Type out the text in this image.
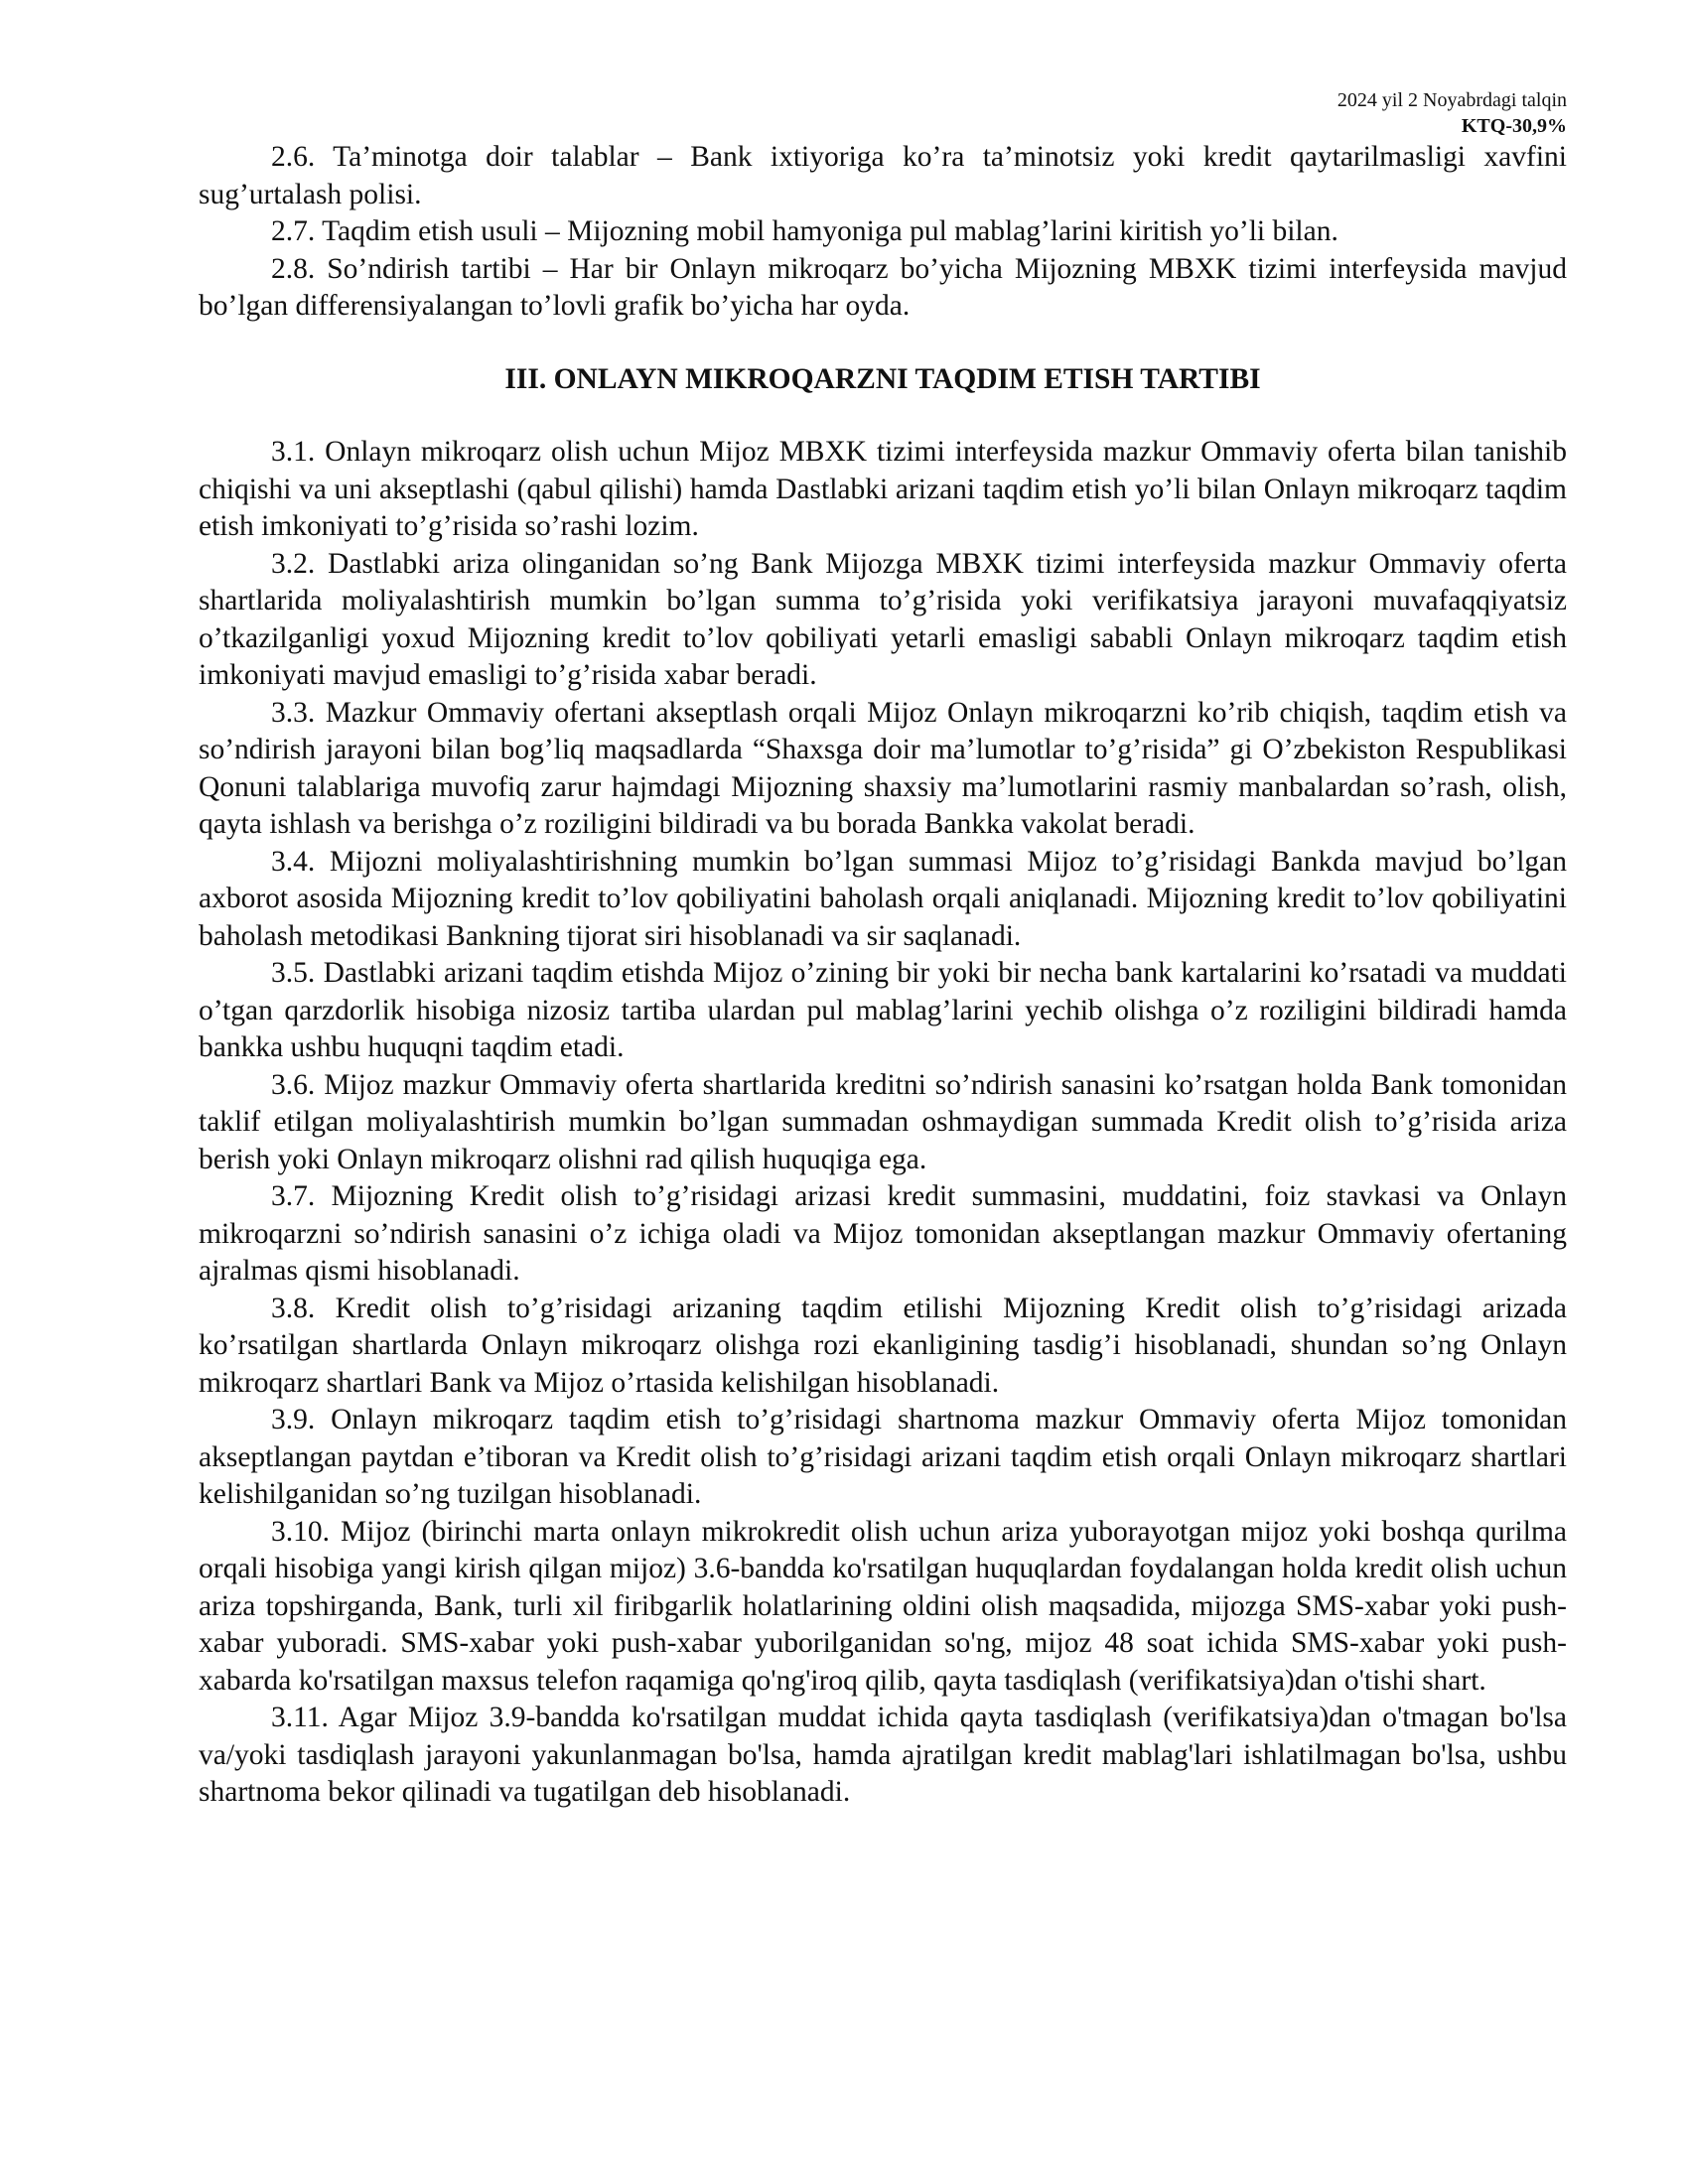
2024 yil 2 Noyabrdagi talqin
KTQ-30,9%

2.6. Ta’minotga doir talablar – Bank ixtiyoriga ko’ra ta’minotsiz yoki kredit qaytarilmasligi xavfini sug’urtalash polisi.

2.7. Taqdim etish usuli – Mijozning mobil hamyoniga pul mablag’larini kiritish yo’li bilan.

2.8. So’ndirish tartibi – Har bir Onlayn mikroqarz bo’yicha Mijozning MBXK tizimi interfeysida mavjud bo’lgan differensiyalangan to’lovli grafik bo’yicha har oyda.

III. ONLAYN MIKROQARZNI TAQDIM ETISH TARTIBI

3.1. Onlayn mikroqarz olish uchun Mijoz MBXK tizimi interfeysida mazkur Ommaviy oferta bilan tanishib chiqishi va uni akseptlashi (qabul qilishi) hamda Dastlabki arizani taqdim etish yo’li bilan Onlayn mikroqarz taqdim etish imkoniyati to’g’risida so’rashi lozim.

3.2. Dastlabki ariza olinganidan so’ng Bank Mijozga MBXK tizimi interfeysida mazkur Ommaviy oferta shartlarida moliyalashtirish mumkin bo’lgan summa to’g’risida yoki verifikatsiya jarayoni muvafaqqiyatsiz o’tkazilganligi yoxud Mijozning kredit to’lov qobiliyati yetarli emasligi sababli Onlayn mikroqarz taqdim etish imkoniyati mavjud emasligi to’g’risida xabar beradi.

3.3. Mazkur Ommaviy ofertani akseptlash orqali Mijoz Onlayn mikroqarzni ko’rib chiqish, taqdim etish va so’ndirish jarayoni bilan bog’liq maqsadlarda “Shaxsga doir ma’lumotlar to’g’risida” gi O’zbekiston Respublikasi Qonuni talablariga muvofiq zarur hajmdagi Mijozning shaxsiy ma’lumotlarini rasmiy manbalardan so’rash, olish, qayta ishlash va berishga o’z roziligini bildiradi va bu borada Bankka vakolat beradi.

3.4. Mijozni moliyalashtirishning mumkin bo’lgan summasi Mijoz to’g’risidagi Bankda mavjud bo’lgan axborot asosida Mijozning kredit to’lov qobiliyatini baholash orqali aniqlanadi. Mijozning kredit to’lov qobiliyatini baholash metodikasi Bankning tijorat siri hisoblanadi va sir saqlanadi.

3.5. Dastlabki arizani taqdim etishda Mijoz o’zining bir yoki bir necha bank kartalarini ko’rsatadi va muddati o’tgan qarzdorlik hisobiga nizosiz tartiba ulardan pul mablag’larini yechib olishga o’z roziligini bildiradi hamda bankka ushbu huquqni taqdim etadi.

3.6. Mijoz mazkur Ommaviy oferta shartlarida kreditni so’ndirish sanasini ko’rsatgan holda Bank tomonidan taklif etilgan moliyalashtirish mumkin bo’lgan summadan oshmaydigan summada Kredit olish to’g’risida ariza berish yoki Onlayn mikroqarz olishni rad qilish huquqiga ega.

3.7. Mijozning Kredit olish to’g’risidagi arizasi kredit summasini, muddatini, foiz stavkasi va Onlayn mikroqarzni so’ndirish sanasini o’z ichiga oladi va Mijoz tomonidan akseptlangan mazkur Ommaviy ofertaning ajralmas qismi hisoblanadi.

3.8. Kredit olish to’g’risidagi arizaning taqdim etilishi Mijozning Kredit olish to’g’risidagi arizada ko’rsatilgan shartlarda Onlayn mikroqarz olishga rozi ekanligining tasdig’i hisoblanadi, shundan so’ng Onlayn mikroqarz shartlari Bank va Mijoz o’rtasida kelishilgan hisoblanadi.

3.9. Onlayn mikroqarz taqdim etish to’g’risidagi shartnoma mazkur Ommaviy oferta Mijoz tomonidan akseptlangan paytdan e’tiboran va Kredit olish to’g’risidagi arizani taqdim etish orqali Onlayn mikroqarz shartlari kelishilganidan so’ng tuzilgan hisoblanadi.

3.10. Mijoz (birinchi marta onlayn mikrokredit olish uchun ariza yuborayotgan mijoz yoki boshqa qurilma orqali hisobiga yangi kirish qilgan mijoz) 3.6-bandda ko'rsatilgan huquqlardan foydalangan holda kredit olish uchun ariza topshirganda, Bank, turli xil firibgarlik holatlarining oldini olish maqsadida, mijozga SMS-xabar yoki push-xabar yuboradi. SMS-xabar yoki push-xabar yuborilganidan so'ng, mijoz 48 soat ichida SMS-xabar yoki push-xabarda ko'rsatilgan maxsus telefon raqamiga qo'ng'iroq qilib, qayta tasdiqlash (verifikatsiya)dan o'tishi shart.

3.11. Agar Mijoz 3.9-bandda ko'rsatilgan muddat ichida qayta tasdiqlash (verifikatsiya)dan o'tmagan bo'lsa va/yoki tasdiqlash jarayoni yakunlanmagan bo'lsa, hamda ajratilgan kredit mablag'lari ishlatilmagan bo'lsa, ushbu shartnoma bekor qilinadi va tugatilgan deb hisoblanadi.
